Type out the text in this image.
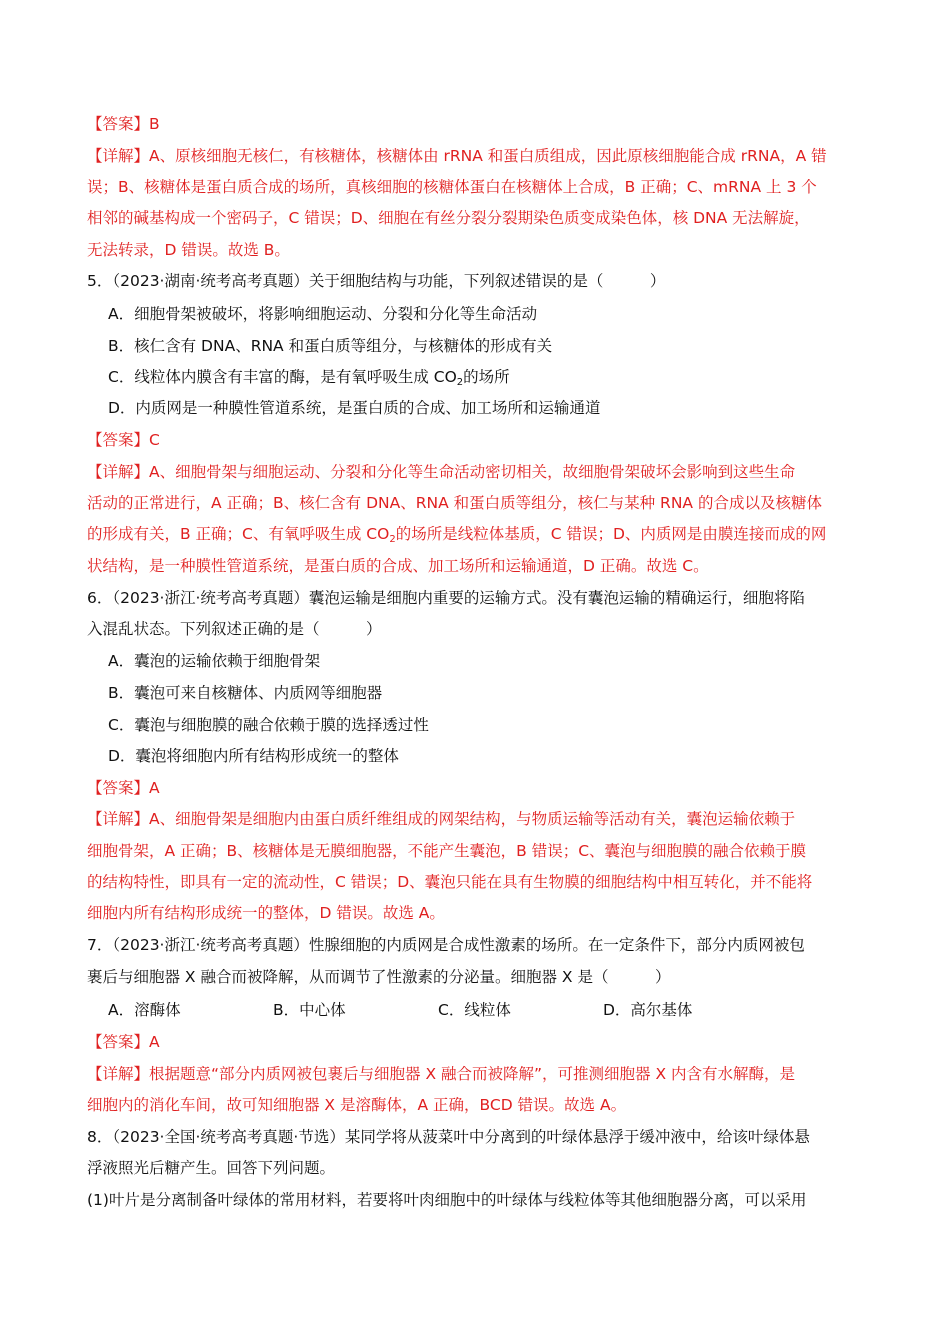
【答案】B
【详解】A、原核细胞无核仁，有核糖体，核糖体由 rRNA 和蛋白质组成，因此原核细胞能合成 rRNA，A 错
误；B、核糖体是蛋白质合成的场所，真核细胞的核糖体蛋白在核糖体上合成，B 正确；C、mRNA 上 3 个
相邻的碱基构成一个密码子，C 错误；D、细胞在有丝分裂分裂期染色质变成染色体，核 DNA 无法解旋，
无法转录，D 错误。故选 B。
5．（2023·湖南·统考高考真题）关于细胞结构与功能，下列叙述错误的是（　　　）
A．细胞骨架被破坏，将影响细胞运动、分裂和分化等生命活动
B．核仁含有 DNA、RNA 和蛋白质等组分，与核糖体的形成有关
C．线粒体内膜含有丰富的酶，是有氧呼吸生成 $CO_2$的场所
D．内质网是一种膜性管道系统，是蛋白质的合成、加工场所和运输通道
【答案】C
【详解】A、细胞骨架与细胞运动、分裂和分化等生命活动密切相关，故细胞骨架破坏会影响到这些生命
活动的正常进行，A 正确；B、核仁含有 DNA、RNA 和蛋白质等组分，核仁与某种 RNA 的合成以及核糖体
的形成有关，B 正确；C、有氧呼吸生成 $CO_2$的场所是线粒体基质，C 错误；D、内质网是由膜连接而成的网
状结构，是一种膜性管道系统，是蛋白质的合成、加工场所和运输通道，D 正确。故选 C。
6．（2023·浙江·统考高考真题）囊泡运输是细胞内重要的运输方式。没有囊泡运输的精确运行，细胞将陷
入混乱状态。下列叙述正确的是（　　　）
A．囊泡的运输依赖于细胞骨架
B．囊泡可来自核糖体、内质网等细胞器
C．囊泡与细胞膜的融合依赖于膜的选择透过性
D．囊泡将细胞内所有结构形成统一的整体
【答案】A
【详解】A、细胞骨架是细胞内由蛋白质纤维组成的网架结构，与物质运输等活动有关，囊泡运输依赖于
细胞骨架，A 正确；B、核糖体是无膜细胞器，不能产生囊泡，B 错误；C、囊泡与细胞膜的融合依赖于膜
的结构特性，即具有一定的流动性，C 错误；D、囊泡只能在具有生物膜的细胞结构中相互转化，并不能将
细胞内所有结构形成统一的整体，D 错误。故选 A。
7．（2023·浙江·统考高考真题）性腺细胞的内质网是合成性激素的场所。在一定条件下，部分内质网被包
裹后与细胞器 X 融合而被降解，从而调节了性激素的分泌量。细胞器 X 是（　　　）
A．溶酶体	B．中心体	C．线粒体	D．高尔基体
【答案】A
【详解】根据题意“部分内质网被包裹后与细胞器 X 融合而被降解”，可推测细胞器 X 内含有水解酶，是
细胞内的消化车间，故可知细胞器 X 是溶酶体，A 正确，BCD 错误。故选 A。
8．（2023·全国·统考高考真题·节选）某同学将从菠菜叶中分离到的叶绿体悬浮于缓冲液中，给该叶绿体悬
浮液照光后糖产生。回答下列问题。
(1)叶片是分离制备叶绿体的常用材料，若要将叶肉细胞中的叶绿体与线粒体等其他细胞器分离，可以采用
